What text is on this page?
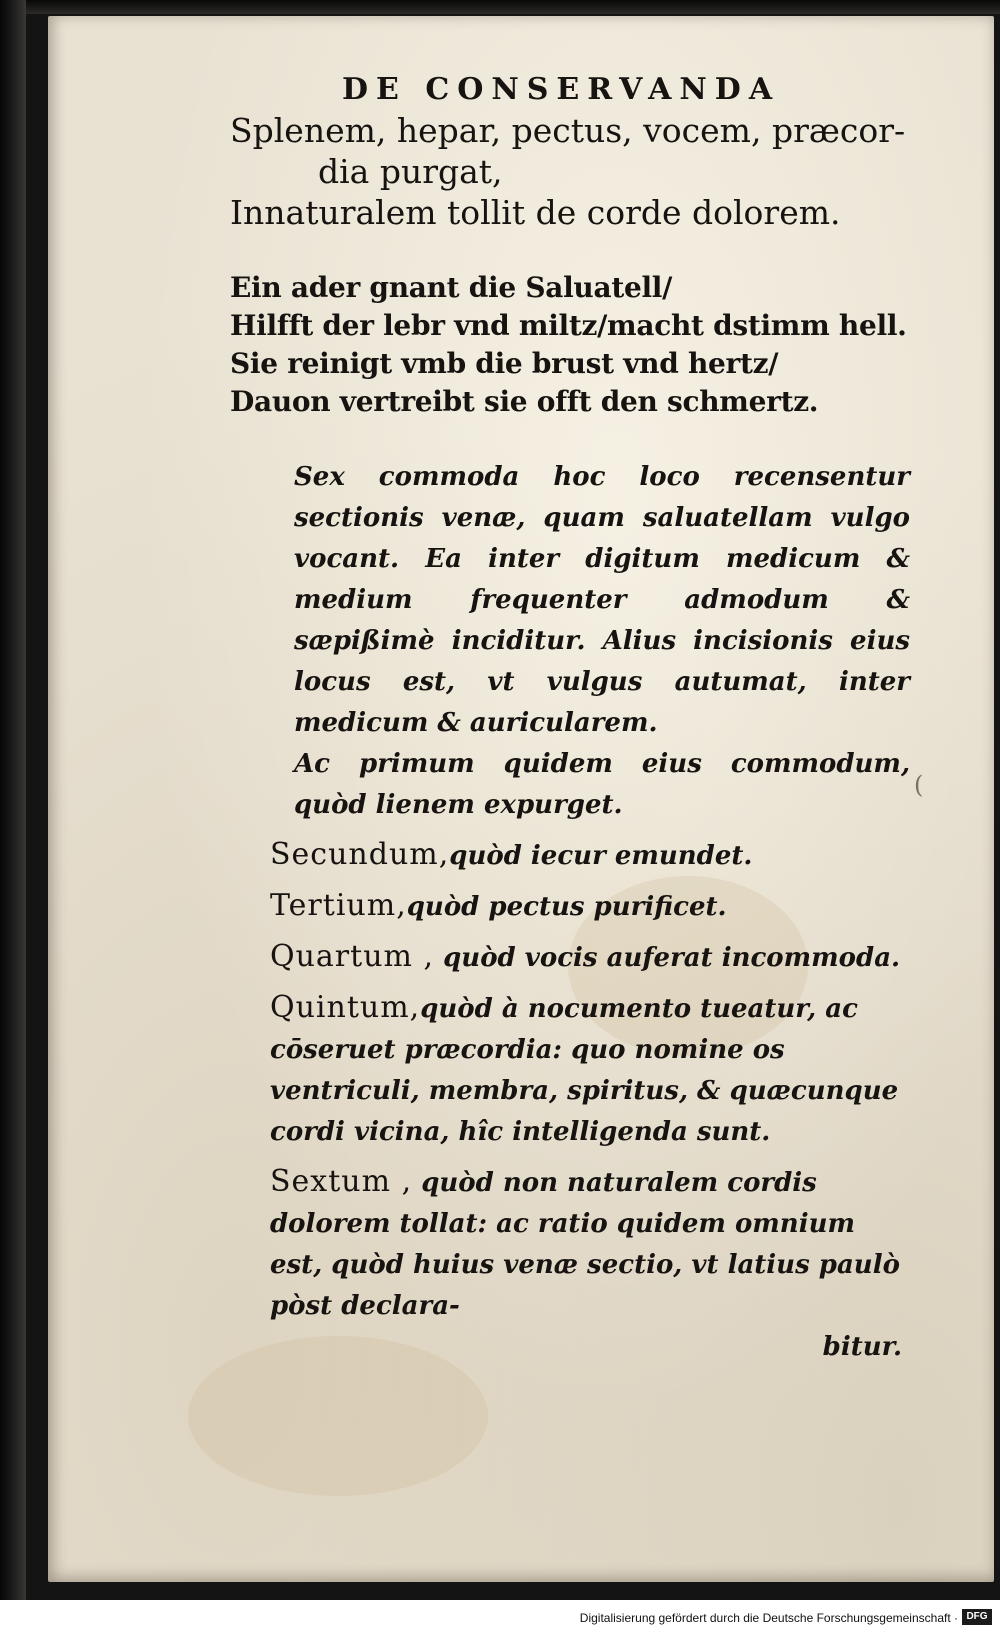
(
DE CONSERVANDA

Splenem, hepar, pectus, vocem, præcor-

dia purgat,

Innaturalem tollit de corde dolorem.

Ein ader gnant die Saluatell/

Hilfft der lebr vnd miltz/macht dstimm hell.

Sie reinigt vmb die brust vnd hertz/

Dauon vertreibt sie offt den schmertz.

Sex commoda hoc loco recensentur sectionis venæ, quam saluatellam vulgo vocant. Ea inter digitum medicum & medium frequenter admodum & sæpißimè inciditur. Alius incisionis eius locus est, vt vulgus autumat, inter medicum & auricularem.

Ac primum quidem eius commodum, quòd lienem expurget.

Secundum,quòd iecur emundet.

Tertium,quòd pectus purificet.

Quartum , quòd vocis auferat incommoda.

Quintum,quòd à nocumento tueatur, ac cōseruet præcordia: quo nomine os ventriculi, membra, spiritus, & quæcunque cordi vicina, hîc intelligenda sunt.

Sextum , quòd non naturalem cordis dolorem tollat: ac ratio quidem omnium est, quòd huius venæ sectio, vt latius paulò pòst declara-

bitur.

Digitalisierung gefördert durch die Deutsche Forschungsgemeinschaft · DFG
